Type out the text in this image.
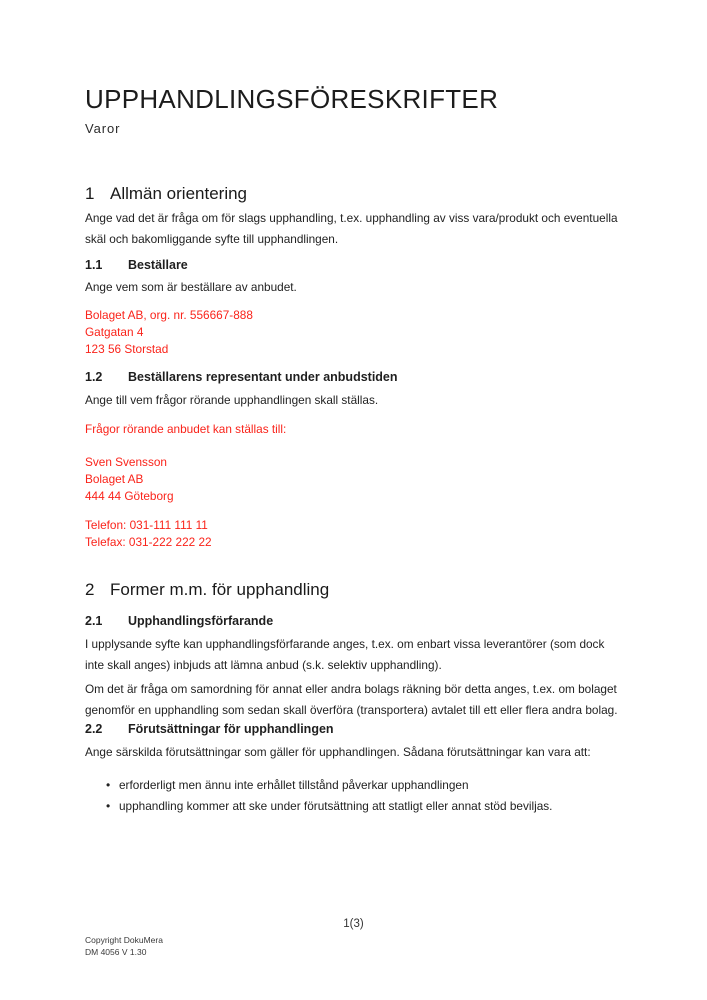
UPPHANDLINGSFÖRESKRIFTER
Varor
1 Allmän orientering
Ange vad det är fråga om för slags upphandling, t.ex. upphandling av viss vara/produkt och eventuella skäl och bakomliggande syfte till upphandlingen.
1.1 Beställare
Ange vem som är beställare av anbudet.
Bolaget AB, org. nr. 556667-888
Gatgatan 4
123 56 Storstad
1.2 Beställarens representant under anbudstiden
Ange till vem frågor rörande upphandlingen skall ställas.
Frågor rörande anbudet kan ställas till:
Sven Svensson
Bolaget AB
444 44 Göteborg
Telefon: 031-111 111 11
Telefax: 031-222 222 22
2 Former m.m. för upphandling
2.1 Upphandlingsförfarande
I upplysande syfte kan upphandlingsförfarande anges, t.ex. om enbart vissa leverantörer (som dock inte skall anges) inbjuds att lämna anbud (s.k. selektiv upphandling).
Om det är fråga om samordning för annat eller andra bolags räkning bör detta anges, t.ex. om bolaget genomför en upphandling som sedan skall överföra (transportera) avtalet till ett eller flera andra bolag.
2.2 Förutsättningar för upphandlingen
Ange särskilda förutsättningar som gäller för upphandlingen. Sådana förutsättningar kan vara att:
• erforderligt men ännu inte erhållet tillstånd påverkar upphandlingen
• upphandling kommer att ske under förutsättning att statligt eller annat stöd beviljas.
1(3)
Copyright DokuMera
DM 4056 V 1.30
